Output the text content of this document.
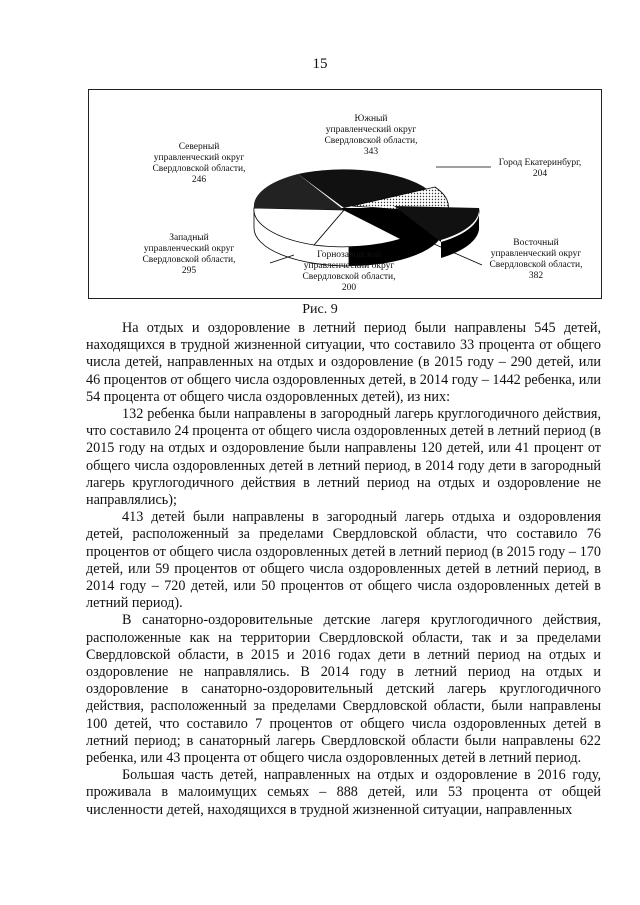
15
Южный
управленческий округ
Свердловской области,
343
Город Екатеринбург,
204
Восточный
управленческий округ
Свердловской области,
382
Горнозаводской
управленческий округ
Свердловской области,
200
Западный
управленческий округ
Свердловской области,
295
Северный
управленческий округ
Свердловской области,
246
Рис. 9

На отдых и оздоровление в летний период были направлены 545 детей, находящихся в трудной жизненной ситуации, что составило 33 процента от общего числа детей, направленных на отдых и оздоровление (в 2015 году – 290 детей, или 46 процентов от общего числа оздоровленных детей, в 2014 году – 1442 ребенка, или 54 процента от общего числа оздоровленных детей), из них:

132 ребенка были направлены в загородный лагерь круглогодичного действия, что составило 24 процента от общего числа оздоровленных детей в летний период (в 2015 году на отдых и оздоровление были направлены 120 детей, или 41 процент от общего числа оздоровленных детей в летний период, в 2014 году дети в загородный лагерь круглогодичного действия в летний период на отдых и оздоровление не направлялись);

413 детей были направлены в загородный лагерь отдыха и оздоровления детей, расположенный за пределами Свердловской области, что составило 76 процентов от общего числа оздоровленных детей в летний период (в 2015 году – 170 детей, или 59 процентов от общего числа оздоровленных детей в летний период, в 2014 году – 720 детей, или 50 процентов от общего числа оздоровленных детей в летний период).

В санаторно-оздоровительные детские лагеря круглогодичного действия, расположенные как на территории Свердловской области, так и за пределами Свердловской области, в 2015 и 2016 годах дети в летний период на отдых и оздоровление не направлялись. В 2014 году в летний период на отдых и оздоровление в санаторно-оздоровительный детский лагерь круглогодичного действия, расположенный за пределами Свердловской области, были направлены 100 детей, что составило 7 процентов от общего числа оздоровленных детей в летний период; в санаторный лагерь Свердловской области были направлены 622 ребенка, или 43 процента от общего числа оздоровленных детей в летний период.

Большая часть детей, направленных на отдых и оздоровление в 2016 году, проживала в малоимущих семьях – 888 детей, или 53 процента от общей численности детей, находящихся в трудной жизненной ситуации, направленных
